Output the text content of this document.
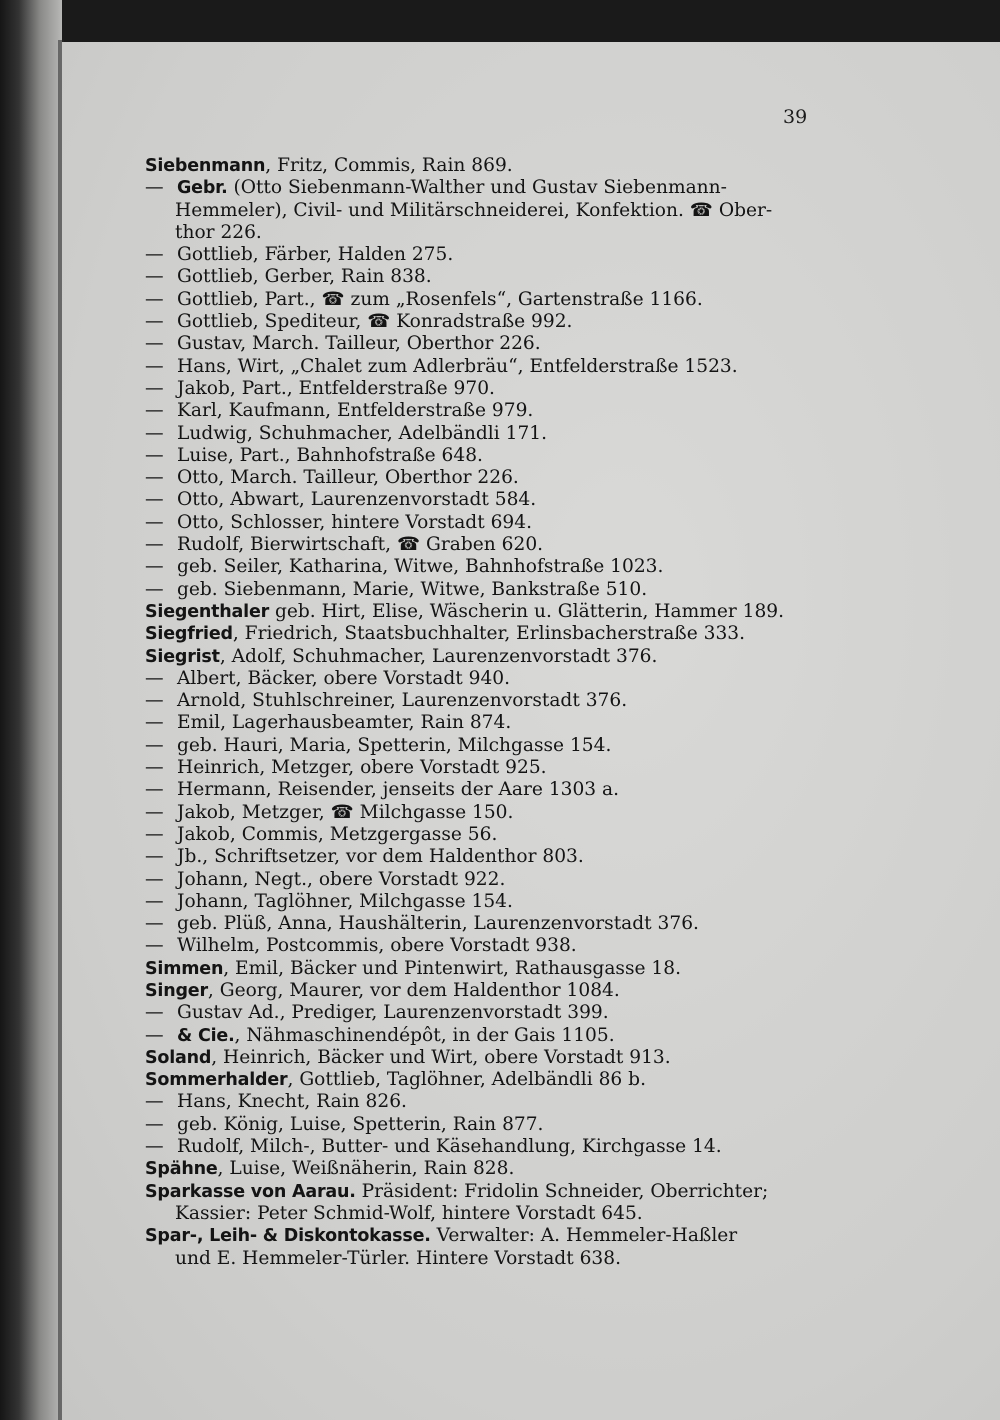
39
Siebenmann, Fritz, Commis, Rain 869.
— Gebr. (Otto Siebenmann-Walther und Gustav Siebenmann-
Hemmeler), Civil- und Militärschneiderei, Konfektion. ☎ Ober-
thor 226.
— Gottlieb, Färber, Halden 275.
— Gottlieb, Gerber, Rain 838.
— Gottlieb, Part., ☎ zum „Rosenfels“, Gartenstraße 1166.
— Gottlieb, Spediteur, ☎ Konradstraße 992.
— Gustav, March. Tailleur, Oberthor 226.
— Hans, Wirt, „Chalet zum Adlerbräu“, Entfelderstraße 1523.
— Jakob, Part., Entfelderstraße 970.
— Karl, Kaufmann, Entfelderstraße 979.
— Ludwig, Schuhmacher, Adelbändli 171.
— Luise, Part., Bahnhofstraße 648.
— Otto, March. Tailleur, Oberthor 226.
— Otto, Abwart, Laurenzenvorstadt 584.
— Otto, Schlosser, hintere Vorstadt 694.
— Rudolf, Bierwirtschaft, ☎ Graben 620.
— geb. Seiler, Katharina, Witwe, Bahnhofstraße 1023.
— geb. Siebenmann, Marie, Witwe, Bankstraße 510.
Siegenthaler geb. Hirt, Elise, Wäscherin u. Glätterin, Hammer 189.
Siegfried, Friedrich, Staatsbuchhalter, Erlinsbacherstraße 333.
Siegrist, Adolf, Schuhmacher, Laurenzenvorstadt 376.
— Albert, Bäcker, obere Vorstadt 940.
— Arnold, Stuhlschreiner, Laurenzenvorstadt 376.
— Emil, Lagerhausbeamter, Rain 874.
— geb. Hauri, Maria, Spetterin, Milchgasse 154.
— Heinrich, Metzger, obere Vorstadt 925.
— Hermann, Reisender, jenseits der Aare 1303 a.
— Jakob, Metzger, ☎ Milchgasse 150.
— Jakob, Commis, Metzgergasse 56.
— Jb., Schriftsetzer, vor dem Haldenthor 803.
— Johann, Negt., obere Vorstadt 922.
— Johann, Taglöhner, Milchgasse 154.
— geb. Plüß, Anna, Haushälterin, Laurenzenvorstadt 376.
— Wilhelm, Postcommis, obere Vorstadt 938.
Simmen, Emil, Bäcker und Pintenwirt, Rathausgasse 18.
Singer, Georg, Maurer, vor dem Haldenthor 1084.
— Gustav Ad., Prediger, Laurenzenvorstadt 399.
— & Cie., Nähmaschinendépôt, in der Gais 1105.
Soland, Heinrich, Bäcker und Wirt, obere Vorstadt 913.
Sommerhalder, Gottlieb, Taglöhner, Adelbändli 86 b.
— Hans, Knecht, Rain 826.
— geb. König, Luise, Spetterin, Rain 877.
— Rudolf, Milch-, Butter- und Käsehandlung, Kirchgasse 14.
Spähne, Luise, Weißnäherin, Rain 828.
Sparkasse von Aarau. Präsident: Fridolin Schneider, Oberrichter;
Kassier: Peter Schmid-Wolf, hintere Vorstadt 645.
Spar-, Leih- & Diskontokasse. Verwalter: A. Hemmeler-Haßler
und E. Hemmeler-Türler. Hintere Vorstadt 638.
